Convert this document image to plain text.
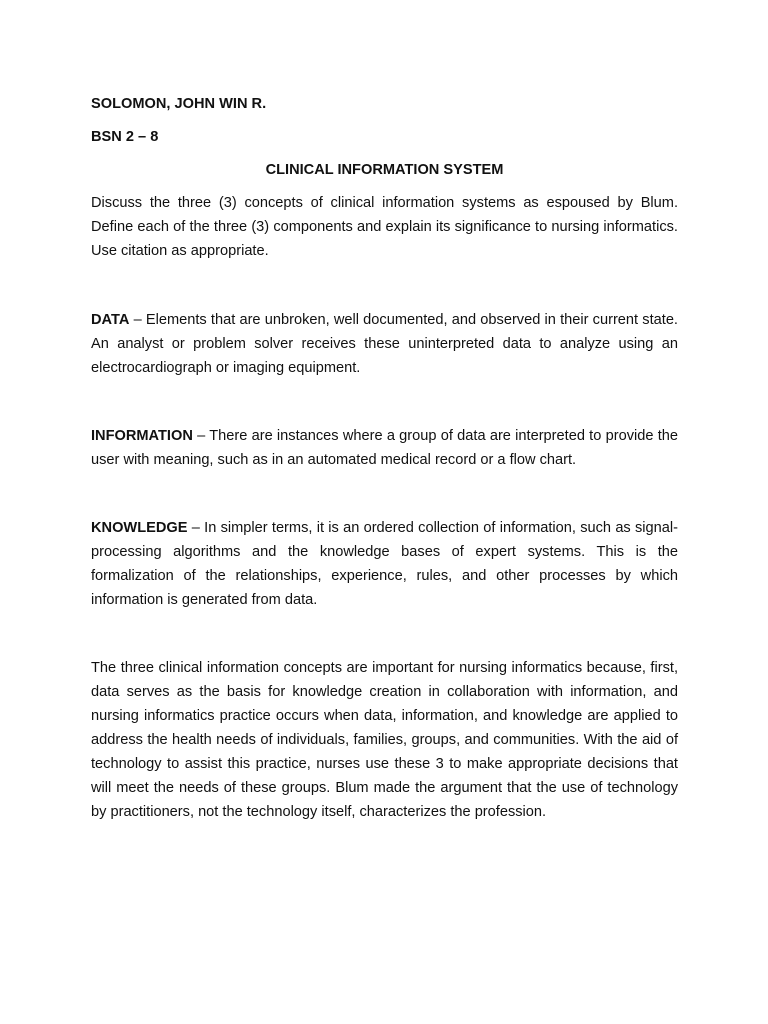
SOLOMON, JOHN WIN R.

BSN 2 – 8

CLINICAL INFORMATION SYSTEM

Discuss the three (3) concepts of clinical information systems as espoused by Blum. Define each of the three (3) components and explain its significance to nursing informatics. Use citation as appropriate.

DATA – Elements that are unbroken, well documented, and observed in their current state. An analyst or problem solver receives these uninterpreted data to analyze using an electrocardiograph or imaging equipment.

INFORMATION – There are instances where a group of data are interpreted to provide the user with meaning, such as in an automated medical record or a flow chart.

KNOWLEDGE – In simpler terms, it is an ordered collection of information, such as signal-processing algorithms and the knowledge bases of expert systems. This is the formalization of the relationships, experience, rules, and other processes by which information is generated from data.

The three clinical information concepts are important for nursing informatics because, first, data serves as the basis for knowledge creation in collaboration with information, and nursing informatics practice occurs when data, information, and knowledge are applied to address the health needs of individuals, families, groups, and communities. With the aid of technology to assist this practice, nurses use these 3 to make appropriate decisions that will meet the needs of these groups. Blum made the argument that the use of technology by practitioners, not the technology itself, characterizes the profession.
